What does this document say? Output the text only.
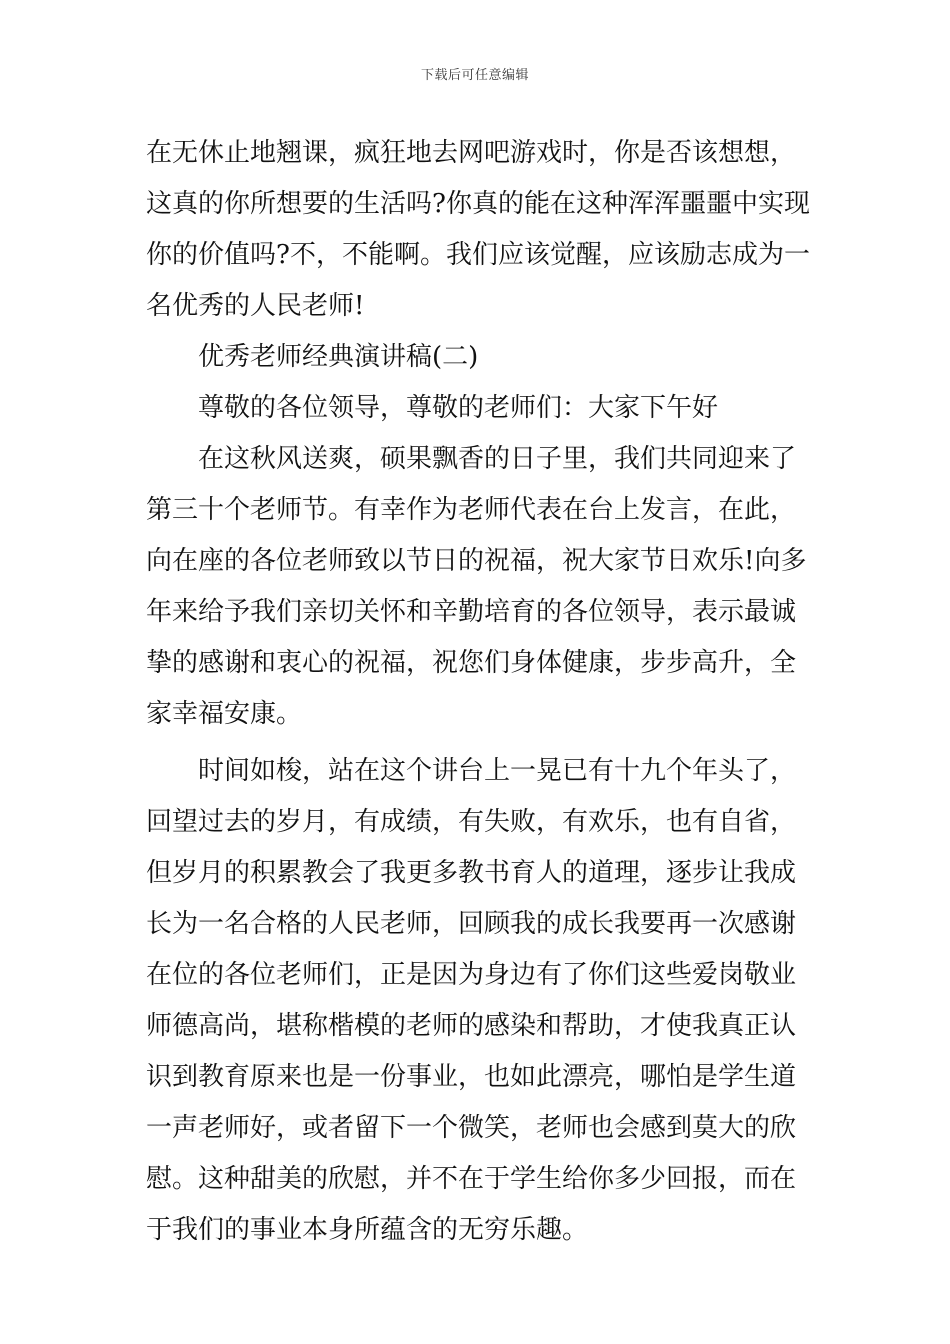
下载后可任意编辑
在无休止地翘课，疯狂地去网吧游戏时，你是否该想想，
这真的你所想要的生活吗?你真的能在这种浑浑噩噩中实现
你的价值吗?不，不能啊。我们应该觉醒，应该励志成为一
名优秀的人民老师!
优秀老师经典演讲稿(二)
尊敬的各位领导，尊敬的老师们：大家下午好
在这秋风送爽，硕果飘香的日子里，我们共同迎来了
第三十个老师节。有幸作为老师代表在台上发言，在此，
向在座的各位老师致以节日的祝福，祝大家节日欢乐!向多
年来给予我们亲切关怀和辛勤培育的各位领导，表示最诚
挚的感谢和衷心的祝福，祝您们身体健康，步步高升，全
家幸福安康。
时间如梭，站在这个讲台上一晃已有十九个年头了，
回望过去的岁月，有成绩，有失败，有欢乐，也有自省，
但岁月的积累教会了我更多教书育人的道理，逐步让我成
长为一名合格的人民老师，回顾我的成长我要再一次感谢
在位的各位老师们，正是因为身边有了你们这些爱岗敬业
师德高尚，堪称楷模的老师的感染和帮助，才使我真正认
识到教育原来也是一份事业，也如此漂亮，哪怕是学生道
一声老师好，或者留下一个微笑，老师也会感到莫大的欣
慰。这种甜美的欣慰，并不在于学生给你多少回报，而在
于我们的事业本身所蕴含的无穷乐趣。
